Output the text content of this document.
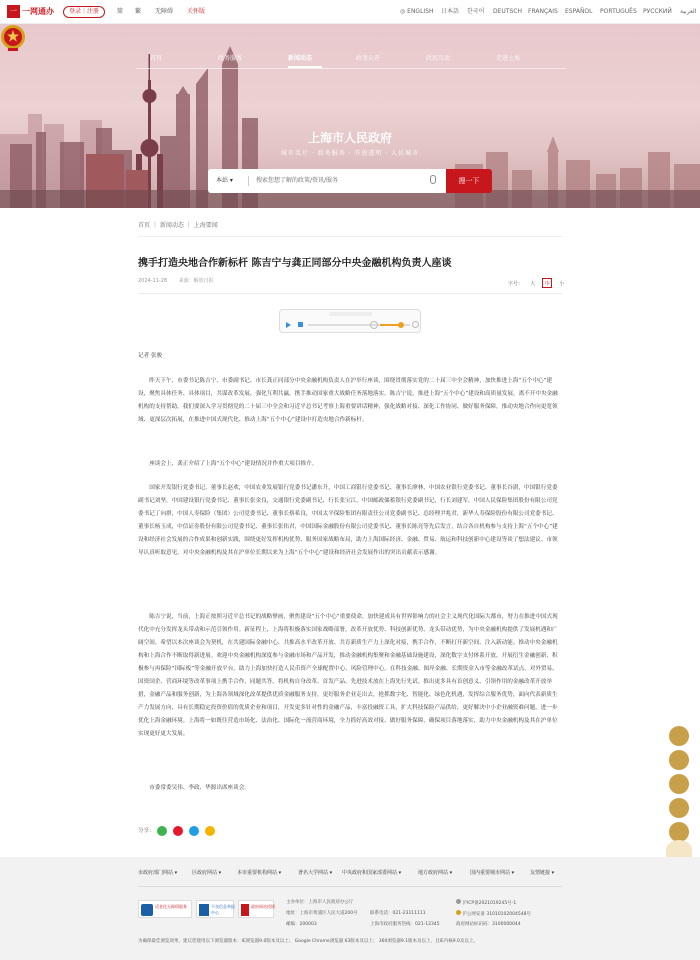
一 一网通办	登录｜注册	简 繁 无障碍 关怀版	◎ ENGLISH 日本語 한국어 DEUTSCH FRANÇAIS ESPAÑOL PORTUGUÊS РУССКИЙ العربية
首页	政务服务	新闻动态	政务公开	政民互动	走进上海
上海市人民政府
城市名片 · 政务服务 · 开放透明 · 人民城市
本站 ▾	搜索您想了解的政策/资讯/服务	搜一下
首页 ｜ 新闻动态 ｜ 上海要闻
携手打造央地合作新标杆 陈吉宁与龚正同部分中央金融机构负责人座谈
2024-11-28 来源：解放日报	字号： 大 中 小
记者 张骏
昨天下午，市委书记陈吉宁、市委副书记、市长龚正同部分中央金融机构负责人在沪举行座谈，围绕贯彻落实党的二十届三中全会精神，加快推进上海“五个中心”建设，聚焦具体任务、具体项目，共谋改革发展、强化互利共赢，携手推动国家重大战略任务落地落实。陈吉宁说，推进上海“五个中心”建设和高质量发展，离不开中央金融机构的支持帮助。我们要深入学习贯彻党的二十届三中全会和习近平总书记考察上海重要讲话精神，强化战略对接、深化工作协同、做好服务保障，推动央地合作向更宽领域、更深层次拓展，在推进中国式现代化、推动上海“五个中心”建设中打造央地合作新标杆。
座谈会上，龚正介绍了上海“五个中心”建设情况并作重大项目推介。
国家开发银行党委书记、董事长赵欢，中国农业发展银行党委书记潘东升，中国工商银行党委书记、董事长廖林，中国农业银行党委书记、董事长谷澍，中国银行党委副书记刘坚，中国建设银行党委书记、董事长张金良，交通银行党委副书记、行长张宝江，中国邮政储蓄银行党委副书记、行长刘建军，中国人民保险集团股份有限公司党委书记丁向群，中国人寿保险（集团）公司党委书记、董事长蔡希良，中国太平保险集团有限责任公司党委副书记、总经理尹兆君，新华人寿保险股份有限公司党委书记、董事长杨玉成，中信证券股份有限公司党委书记、董事长张佑君，中国国际金融股份有限公司党委书记、董事长陈亮等先后发言，结合各自机构参与支持上海“五个中心”建设和经济社会发展的合作成果和创新实践，围绕更好发挥机构优势、服务国家战略布局，助力上海国际经济、金融、贸易、航运和科技创新中心建设等谈了想法建议。市领导认真听取意见，对中央金融机构及其在沪单位长期以来为上海“五个中心”建设和经济社会发展作出的突出贡献表示感谢。
陈吉宁说，当前，上海正按照习近平总书记的战略擘画，聚焦建设“五个中心”重要使命，加快建成具有世界影响力的社会主义现代化国际大都市，努力在推进中国式现代化中充分发挥龙头带动和示范引领作用。新征程上，上海将积极落实国家战略部署，改革开放优势、科技创新优势、龙头带动优势，为中央金融机构提供了发展机遇和广阔空间。希望以本次座谈会为契机，在共建国际金融中心、共推高水平改革开放、共育新质生产力上深化对接，携手合作，不断打开新空间、注入新动能。推动中央金融机构和上海合作不断取得新进展。欢迎中央金融机构深度参与金融市场和产品开发，推动金融机构集聚和金融基础设施建设，深化数字支付体系开放，开展衍生金融创新，积极参与再保险“国际板”等金融开放平台，助力上海加快打造人民币资产全球配置中心、风险管理中心。在科技金融、图岸金融、长期资金入市等金融改革试点，对外贸易、国资国企、营商环境等改革事项上携手合作，同题共答，将机构自身改革、首发产品、先进技术放在上海先行先试。推出更多具有首创意义、引领作用的金融改革开放举措，金融产品和服务创新，为上海各领域深化改革提供优质金融服务支持，更好服务企业走出去，抢抓数字化、智能化、绿色化机遇，发挥综合服务优势，面向代表新质生产力发展方向、具有长期稳定投资价值的优质企业和项目，开发更多针对性的金融产品，丰富投融资工具，扩大科技保险产品供给，更好解决中小企业融资难问题，进一步优化上海金融环境。上海将一如既往营造市场化、法治化、国际化一流营商环境，全力抓好高效对接、做好服务保障，确保项目落地落实，助力中央金融机构及其在沪单位实现更好更大发展。
市委常委吴伟、李政、华源出席座谈会。
分享：
市政府部门网站 ▾	区政府网站 ▾	本市重要机构网站 ▾	著名大学网站 ▾ 中央政府和国家部委网站 ▾	地方政府网站 ▾	国内重要城市网站 ▾	友情链接 ▾
适老化无障碍服务	不良信息举报中心
政府网站找错
主办单位：上海市人民政府办公厅
地址：上海市黄浦区人民大道200号
邮编：200003
联系电话：021-23111111
上海市政府服务热线：021-12345
沪ICP备2021019245号-1
沪公网安备 31010102004548号
政府网站标识码：3100000044
为确保最佳浏览效果，建议您使用以下浏览器版本：IE浏览器9.0版本及以上； Google Chrome浏览器 63版本及以上； 360浏览器9.1版本及以上，且IE内核9.0及以上。
